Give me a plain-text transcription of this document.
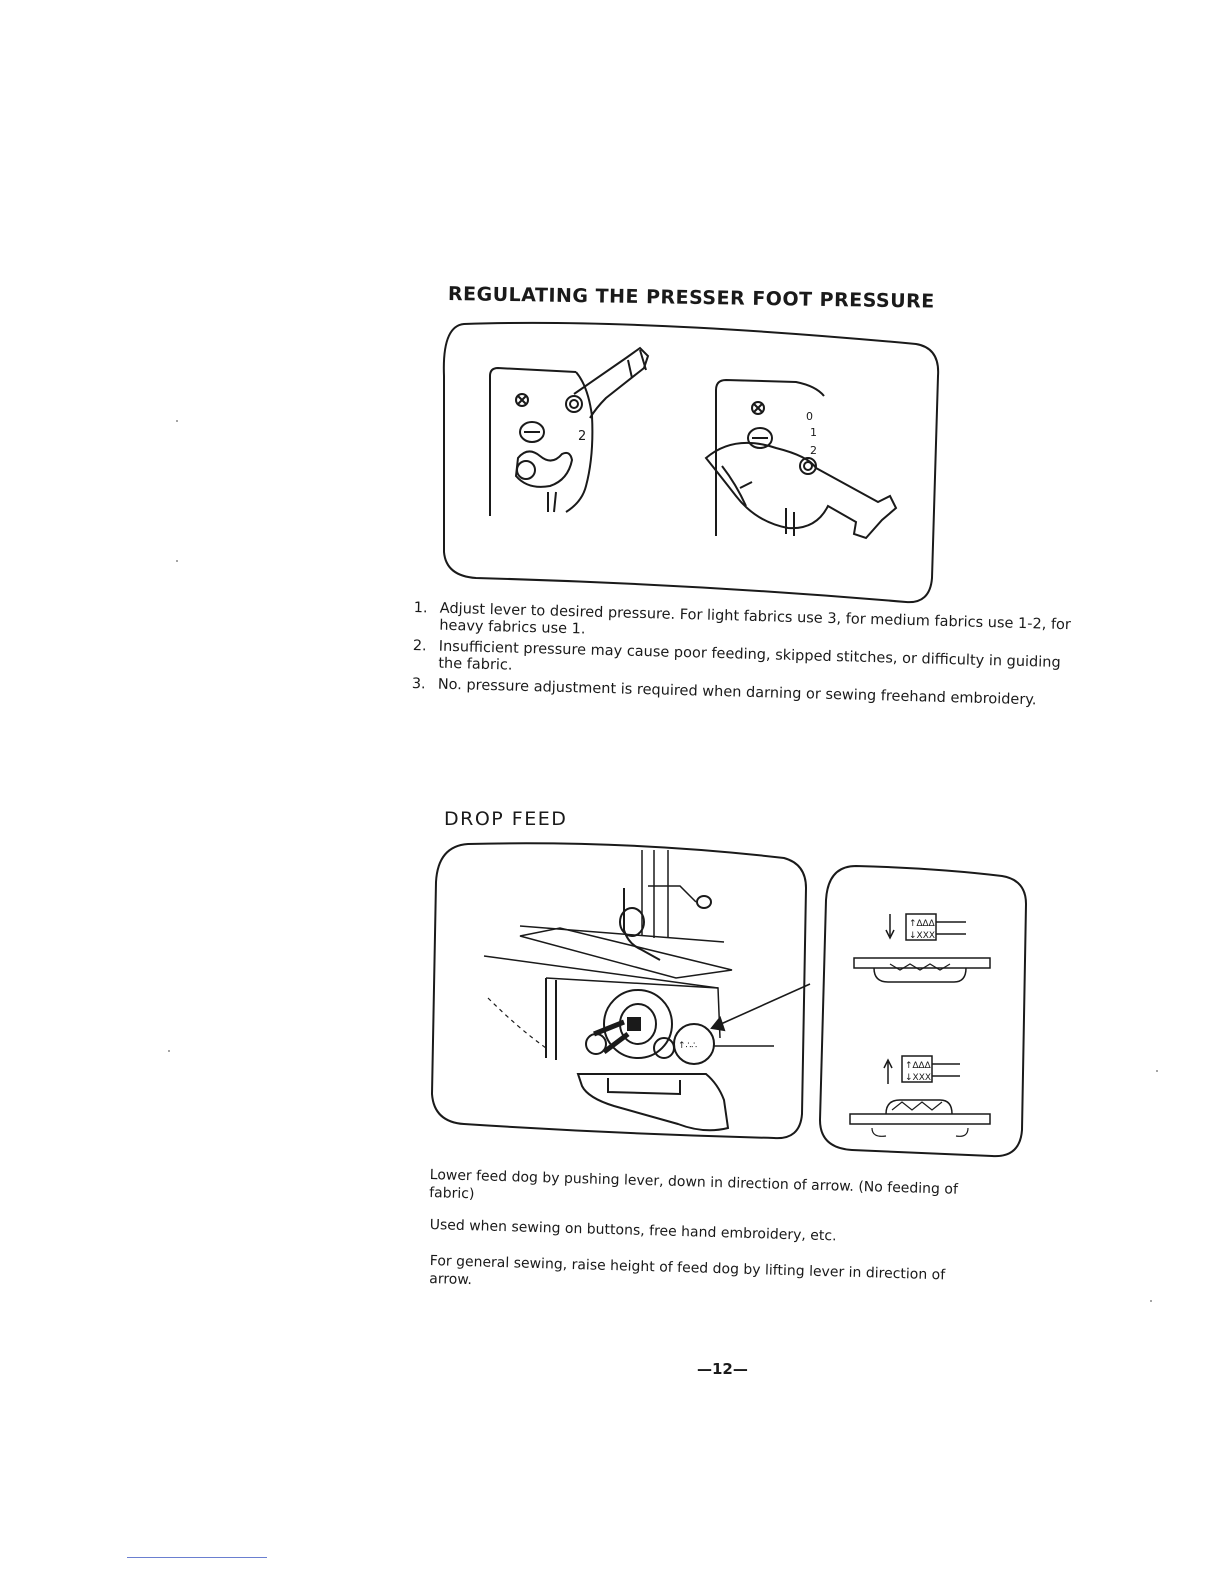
REGULATING THE PRESSER FOOT PRESSURE
2
0
1
2
1. Adjust lever to desired pressure. For light fabrics use 3, for medium fabrics use 1-2, for heavy fabrics use 1.
2. Insufficient pressure may cause poor feeding, skipped stitches, or difficulty in guiding the fabric.
3. No. pressure adjustment is required when darning or sewing freehand embroidery.
DROP FEED
↑∴∴
↑∆∆∆
↓XXX
↑∆∆∆
↓XXX

Lower feed dog by pushing lever, down in direction of arrow. (No feeding of fabric)

Used when sewing on buttons, free hand embroidery, etc.

For general sewing, raise height of feed dog by lifting lever in direction of arrow.

—12—
